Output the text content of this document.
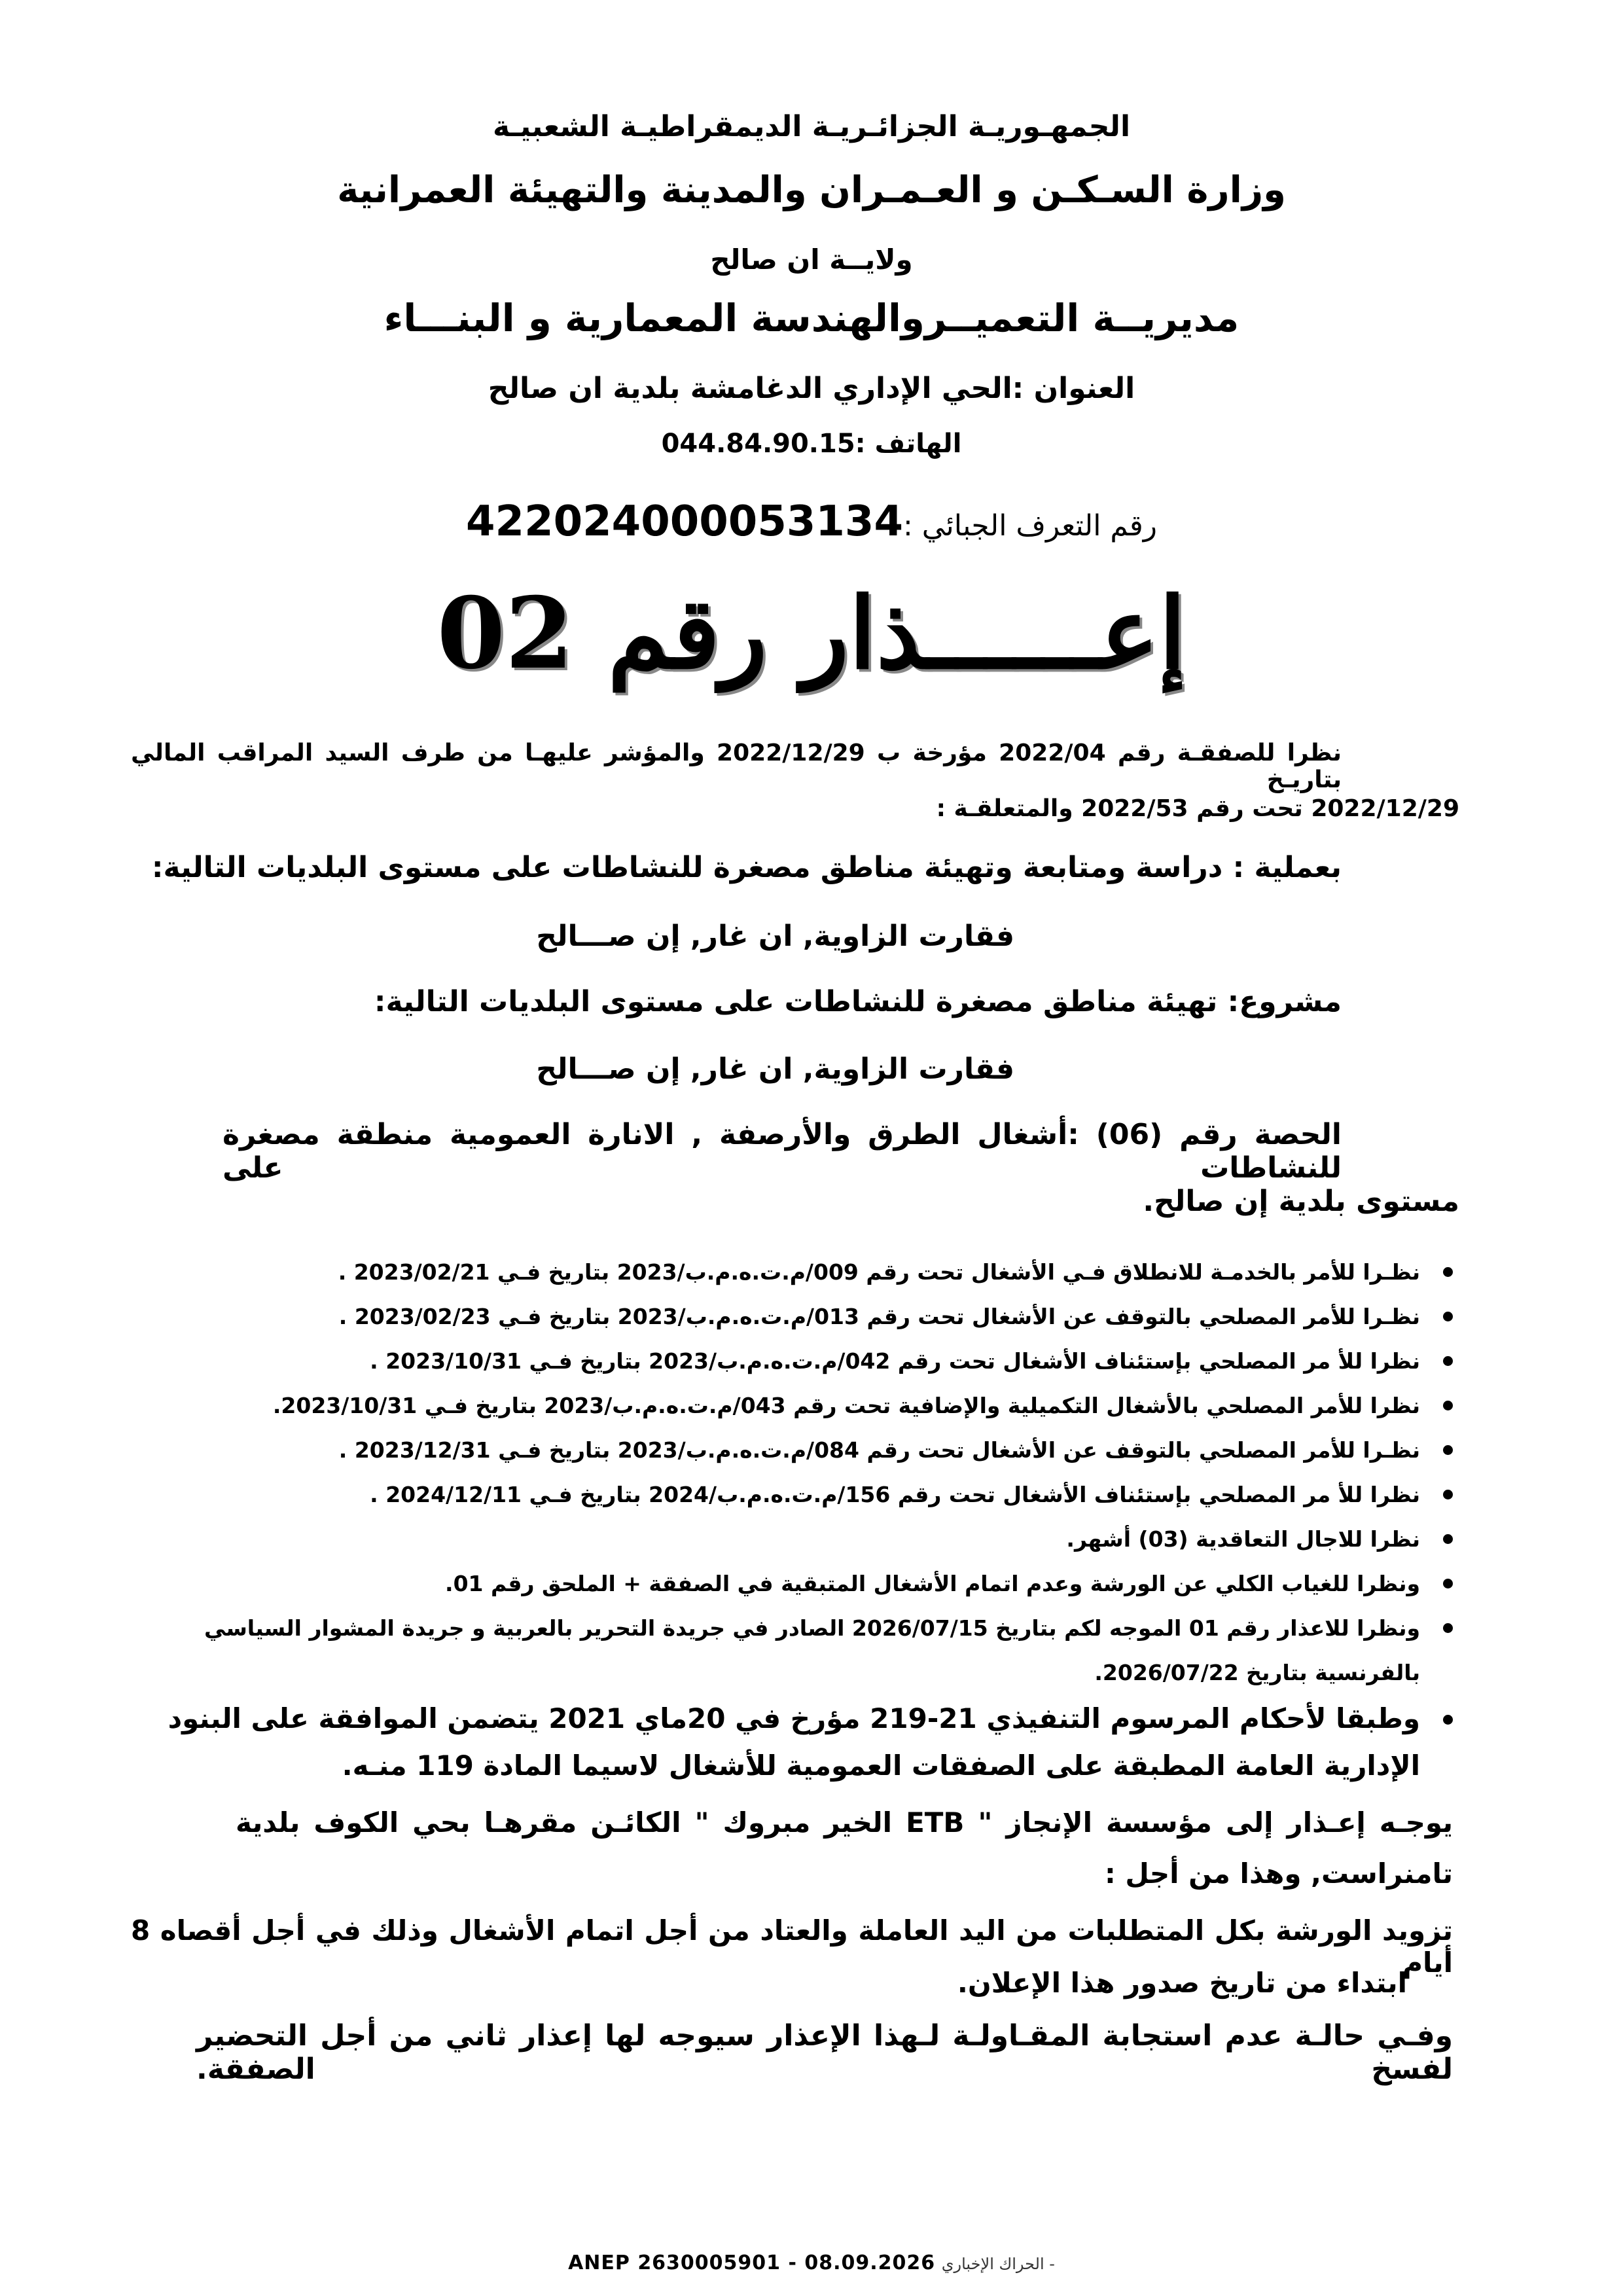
الجمهـوريـة الجزائـريـة الديمقراطيـة الشعبيـة
وزارة السـكـن و العـمـران والمدينة والتهيئة العمرانية
ولايــة ان صالح
مديريــة التعميــروالهندسة المعمارية و البنـــاء
العنوان :الحي الإداري الدغامشة بلدية ان صالح
الهاتف :044.84.90.15
رقم التعرف الجبائي :422024000053134
إعــــــذار رقم 02
نظرا للصفقـة رقم 2022/04 مؤرخة ب 2022/12/29 والمؤشر عليهـا من طرف السيد المراقب المالي بتاريـخ
2022/12/29 تحت رقم 2022/53 والمتعلقـة :
بعملية : دراسة ومتابعة وتهيئة مناطق مصغرة للنشاطات على مستوى البلديات التالية:
فقارت الزاوية, ان غار, إن صـــالح
مشروع: تهيئة مناطق مصغرة للنشاطات على مستوى البلديات التالية:
فقارت الزاوية, ان غار, إن صـــالح
الحصة رقم (06) :أشغال الطرق والأرصفة , الانارة العمومية منطقة مصغرة للنشاطات على
مستوى بلدية إن صالح.
نظـرا للأمر بالخدمـة للانطلاق فـي الأشغال تحت رقم 009/م.ت.ه.م.ب/2023 بتاريخ فـي 2023/02/21 .
نظـرا للأمر المصلحي بالتوقف عن الأشغال تحت رقم 013/م.ت.ه.م.ب/2023 بتاريخ فـي 2023/02/23 .
نظرا للأ مر المصلحي بإستئناف الأشغال تحت رقم 042/م.ت.ه.م.ب/2023 بتاريخ فـي 2023/10/31 .
نظرا للأمر المصلحي بالأشغال التكميلية والإضافية تحت رقم 043/م.ت.ه.م.ب/2023 بتاريخ فـي 2023/10/31.
نظـرا للأمر المصلحي بالتوقف عن الأشغال تحت رقم 084/م.ت.ه.م.ب/2023 بتاريخ فـي 2023/12/31 .
نظرا للأ مر المصلحي بإستئناف الأشغال تحت رقم 156/م.ت.ه.م.ب/2024 بتاريخ فـي 2024/12/11 .
نظرا للاجال التعاقدية (03) أشهر.
ونظرا للغياب الكلي عن الورشة وعدم اتمام الأشغال المتبقية في الصفقة + الملحق رقم 01.
ونظرا للاعذار رقم 01 الموجه لكم بتاريخ 2026/07/15 الصادر في جريدة التحرير بالعربية و جريدة المشوار السياسي بالفرنسية بتاريخ 2026/07/22.
وطبقا لأحكام المرسوم التنفيذي 21-219 مؤرخ في 20ماي 2021 يتضمن الموافقة على البنود الإدارية العامة المطبقة على الصفقات العمومية للأشغال لاسيما المادة 119 منـه.
يوجـه إعـذار إلى مؤسسة الإنجاز " ETB الخير مبروك " الكائـن مقرهـا بحي الكوف بلدية
تامنراست, وهذا من أجل :
تزويد الورشة بكل المتطلبات من اليد العاملة والعتاد من أجل اتمام الأشغال وذلك في أجل أقصاه 8 أيام
ابتداء من تاريخ صدور هذا الإعلان.
وفـي حالـة عدم استجابة المقـاولـة لـهذا الإعذار سيوجه لها إعذار ثاني من أجل التحضير لفسخ الصفقة.
ANEP 2630005901 - 08.09.2026 - الحراك الإخباري
